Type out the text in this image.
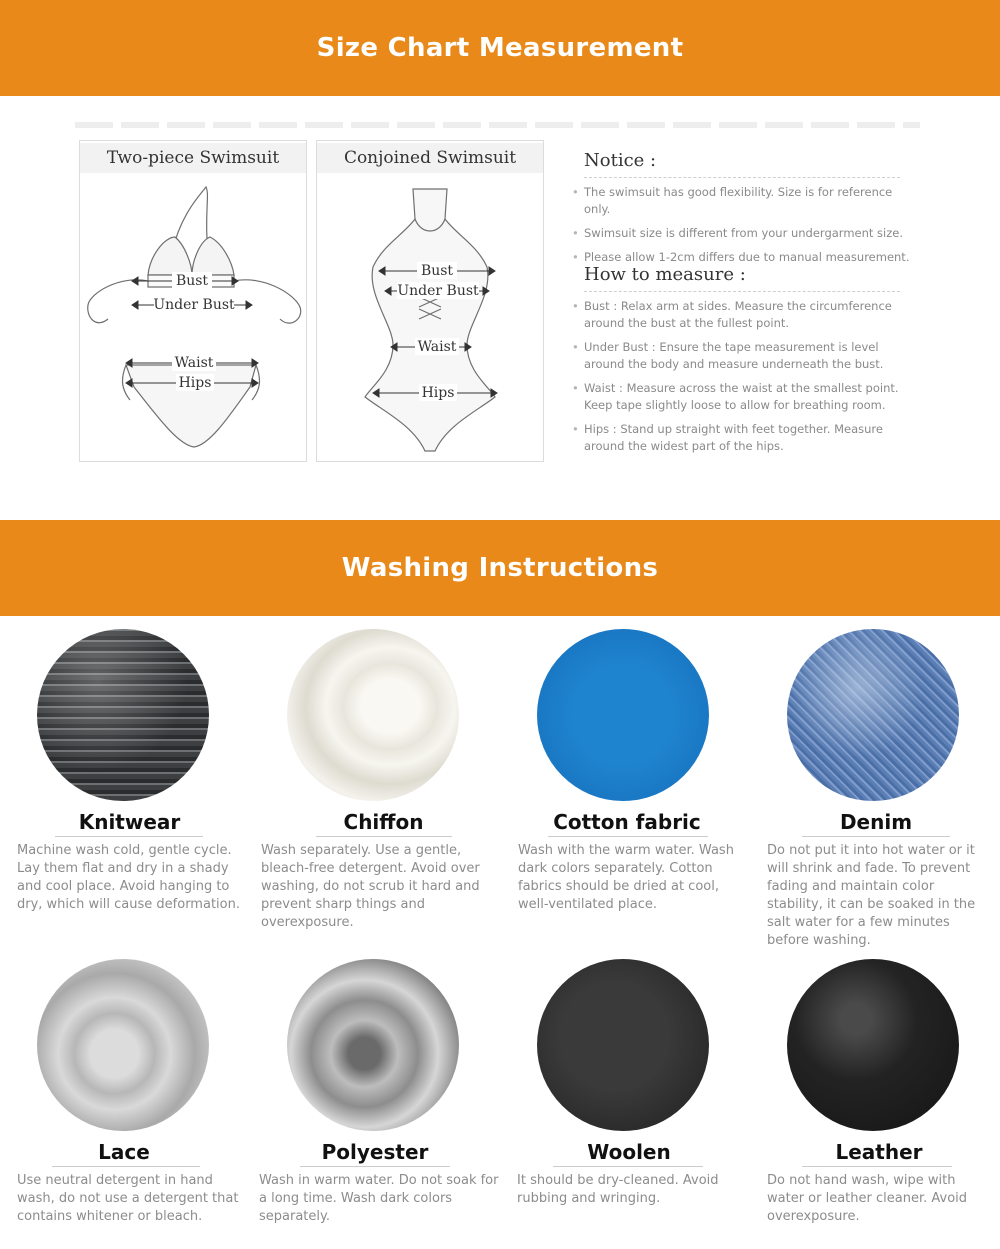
Size Chart Measurement
Two-piece Swimsuit
Bust
Under Bust
Waist
Hips
Conjoined Swimsuit
Bust
Under Bust
Waist
Hips
Notice :
• The swimsuit has good flexibility. Size is for reference only.
• Swimsuit size is different from your undergarment size.
• Please allow 1-2cm differs due to manual measurement.
How to measure :
• Bust : Relax arm at sides. Measure the circumference around the bust at the fullest point.
• Under Bust : Ensure the tape measurement is level around the body and measure underneath the bust.
• Waist : Measure across the waist at the smallest point. Keep tape slightly loose to allow for breathing room.
• Hips : Stand up straight with feet together. Measure around the widest part of the hips.
Washing Instructions
Knitwear
Machine wash cold, gentle cycle. Lay them flat and dry in a shady and cool place. Avoid hanging to dry, which will cause deformation.
Chiffon
Wash separately. Use a gentle, bleach-free detergent. Avoid over washing, do not scrub it hard and prevent sharp things and overexposure.
Cotton fabric
Wash with the warm water. Wash dark colors separately. Cotton fabrics should be dried at cool, well-ventilated place.
Denim
Do not put it into hot water or it will shrink and fade. To prevent fading and maintain color stability, it can be soaked in the salt water for a few minutes before washing.
Lace
Use neutral detergent in hand wash, do not use a detergent that contains whitener or bleach.
Polyester
Wash in warm water. Do not soak for a long time. Wash dark colors separately.
Woolen
It should be dry-cleaned. Avoid rubbing and wringing.
Leather
Do not hand wash, wipe with water or leather cleaner. Avoid overexposure.
